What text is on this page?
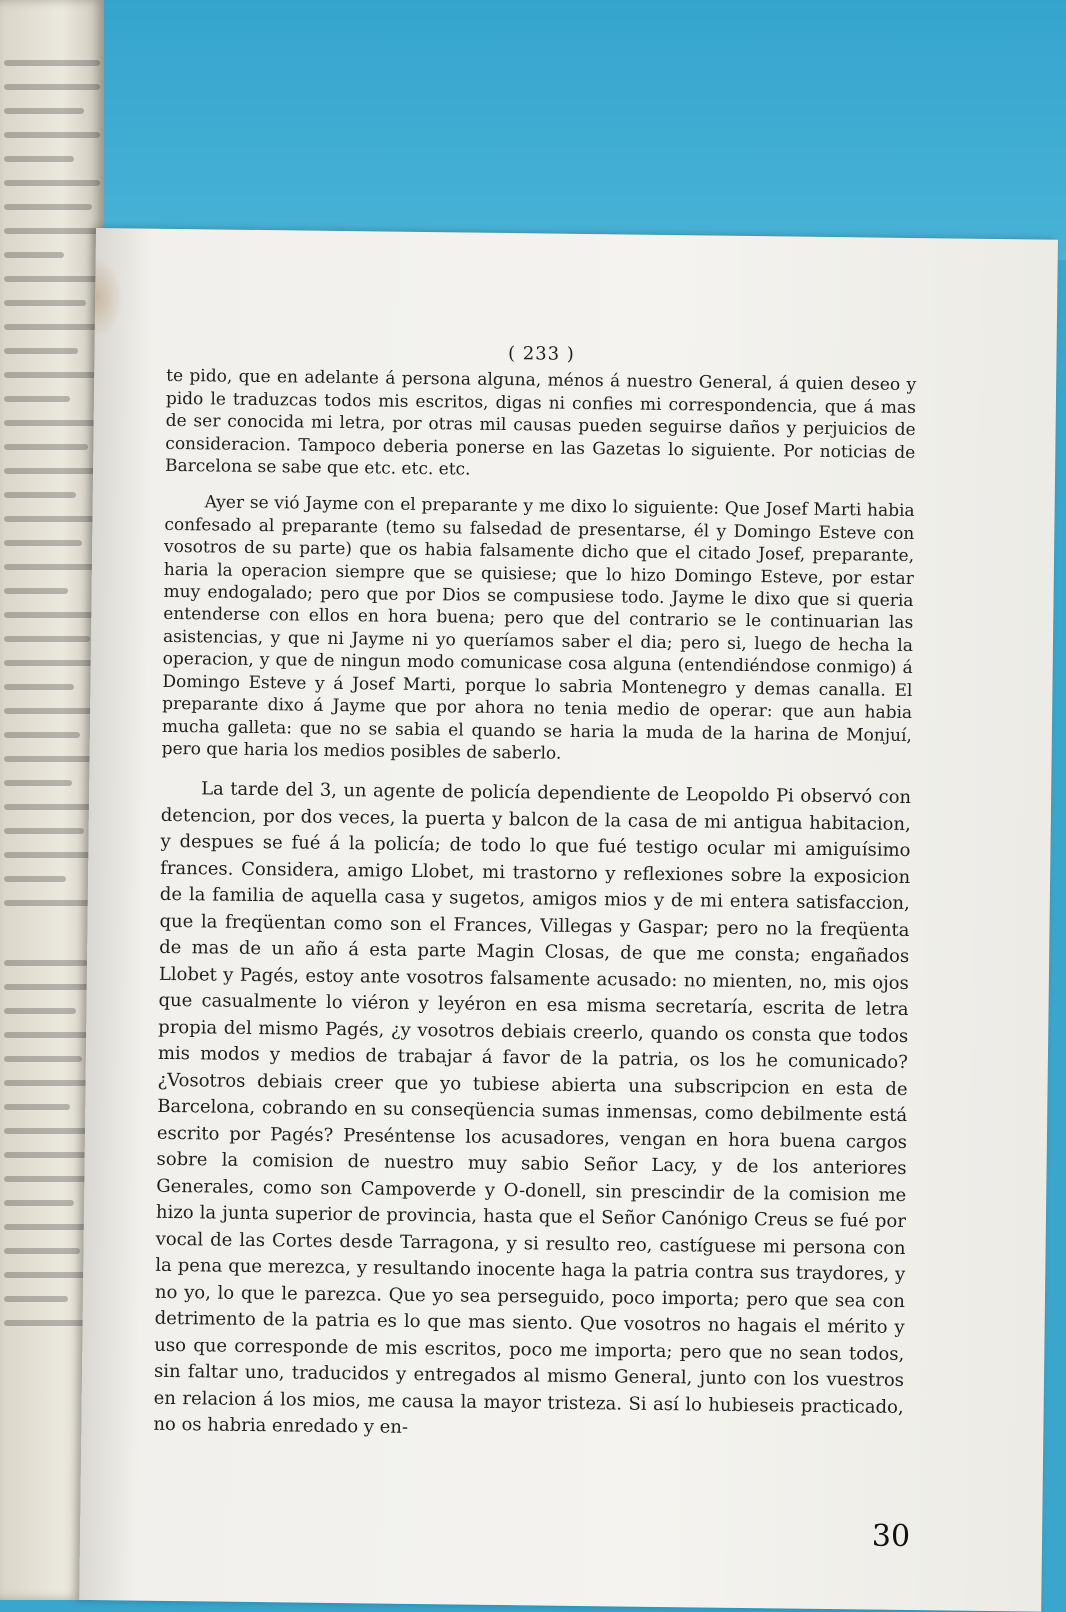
( 233 )

te pido, que en adelante á persona alguna, ménos á nuestro General, á quien deseo y pido le traduzcas todos mis escritos, digas ni confies mi correspondencia, que á mas de ser conocida mi letra, por otras mil causas pueden seguirse daños y perjuicios de consideracion. Tampoco deberia ponerse en las Gazetas lo siguiente. Por noticias de Barcelona se sabe que etc. etc. etc.

Ayer se vió Jayme con el preparante y me dixo lo siguiente: Que Josef Marti habia confesado al preparante (temo su falsedad de presentarse, él y Domingo Esteve con vosotros de su parte) que os habia falsamente dicho que el citado Josef, preparante, haria la operacion siempre que se quisiese; que lo hizo Domingo Esteve, por estar muy endogalado; pero que por Dios se compusiese todo. Jayme le dixo que si queria entenderse con ellos en hora buena; pero que del contrario se le continuarian las asistencias, y que ni Jayme ni yo queríamos saber el dia; pero si, luego de hecha la operacion, y que de ningun modo comunicase cosa alguna (entendiéndose conmigo) á Domingo Esteve y á Josef Marti, porque lo sabria Montenegro y demas canalla. El preparante dixo á Jayme que por ahora no tenia medio de operar: que aun habia mucha galleta: que no se sabia el quando se haria la muda de la harina de Monjuí, pero que haria los medios posibles de saberlo.

La tarde del 3, un agente de policía dependiente de Leopoldo Pi observó con detencion, por dos veces, la puerta y balcon de la casa de mi antigua habitacion, y despues se fué á la policía; de todo lo que fué testigo ocular mi amiguísimo frances. Considera, amigo Llobet, mi trastorno y reflexiones sobre la exposicion de la familia de aquella casa y sugetos, amigos mios y de mi entera satisfaccion, que la freqüentan como son el Frances, Villegas y Gaspar; pero no la freqüenta de mas de un año á esta parte Magin Closas, de que me consta; engañados Llobet y Pagés, estoy ante vosotros falsamente acusado: no mienten, no, mis ojos que casualmente lo viéron y leyéron en esa misma secretaría, escrita de letra propia del mismo Pagés, ¿y vosotros debiais creerlo, quando os consta que todos mis modos y medios de trabajar á favor de la patria, os los he comunicado? ¿Vosotros debiais creer que yo tubiese abierta una subscripcion en esta de Barcelona, cobrando en su conseqüencia sumas inmensas, como debilmente está escrito por Pagés? Preséntense los acusadores, vengan en hora buena cargos sobre la comision de nuestro muy sabio Señor Lacy, y de los anteriores Generales, como son Campoverde y O-donell, sin prescindir de la comision me hizo la junta superior de provincia, hasta que el Señor Canónigo Creus se fué por vocal de las Cortes desde Tarragona, y si resulto reo, castíguese mi persona con la pena que merezca, y resultando inocente haga la patria contra sus traydores, y no yo, lo que le parezca. Que yo sea perseguido, poco importa; pero que sea con detrimento de la patria es lo que mas siento. Que vosotros no hagais el mérito y uso que corresponde de mis escritos, poco me importa; pero que no sean todos, sin faltar uno, traducidos y entregados al mismo General, junto con los vuestros en relacion á los mios, me causa la mayor tristeza. Si así lo hubieseis practicado, no os habria enredado y en-

30
